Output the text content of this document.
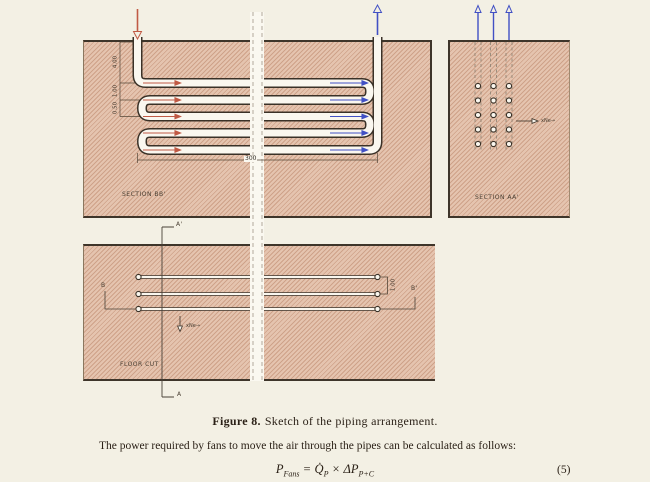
4.00
1.00
0.50
300
SECTION BB'	SECTION AA'
FLOOR CUT
xNe→
xNe→
A'
A
B	B'
1.00
Figure 8. Sketch of the piping arrangement.
The power required by fans to move the air through the pipes can be calculated as follows:
$P_{Fans}$ = $Q̇_P \times \Delta P_{P+C}$	(5)
